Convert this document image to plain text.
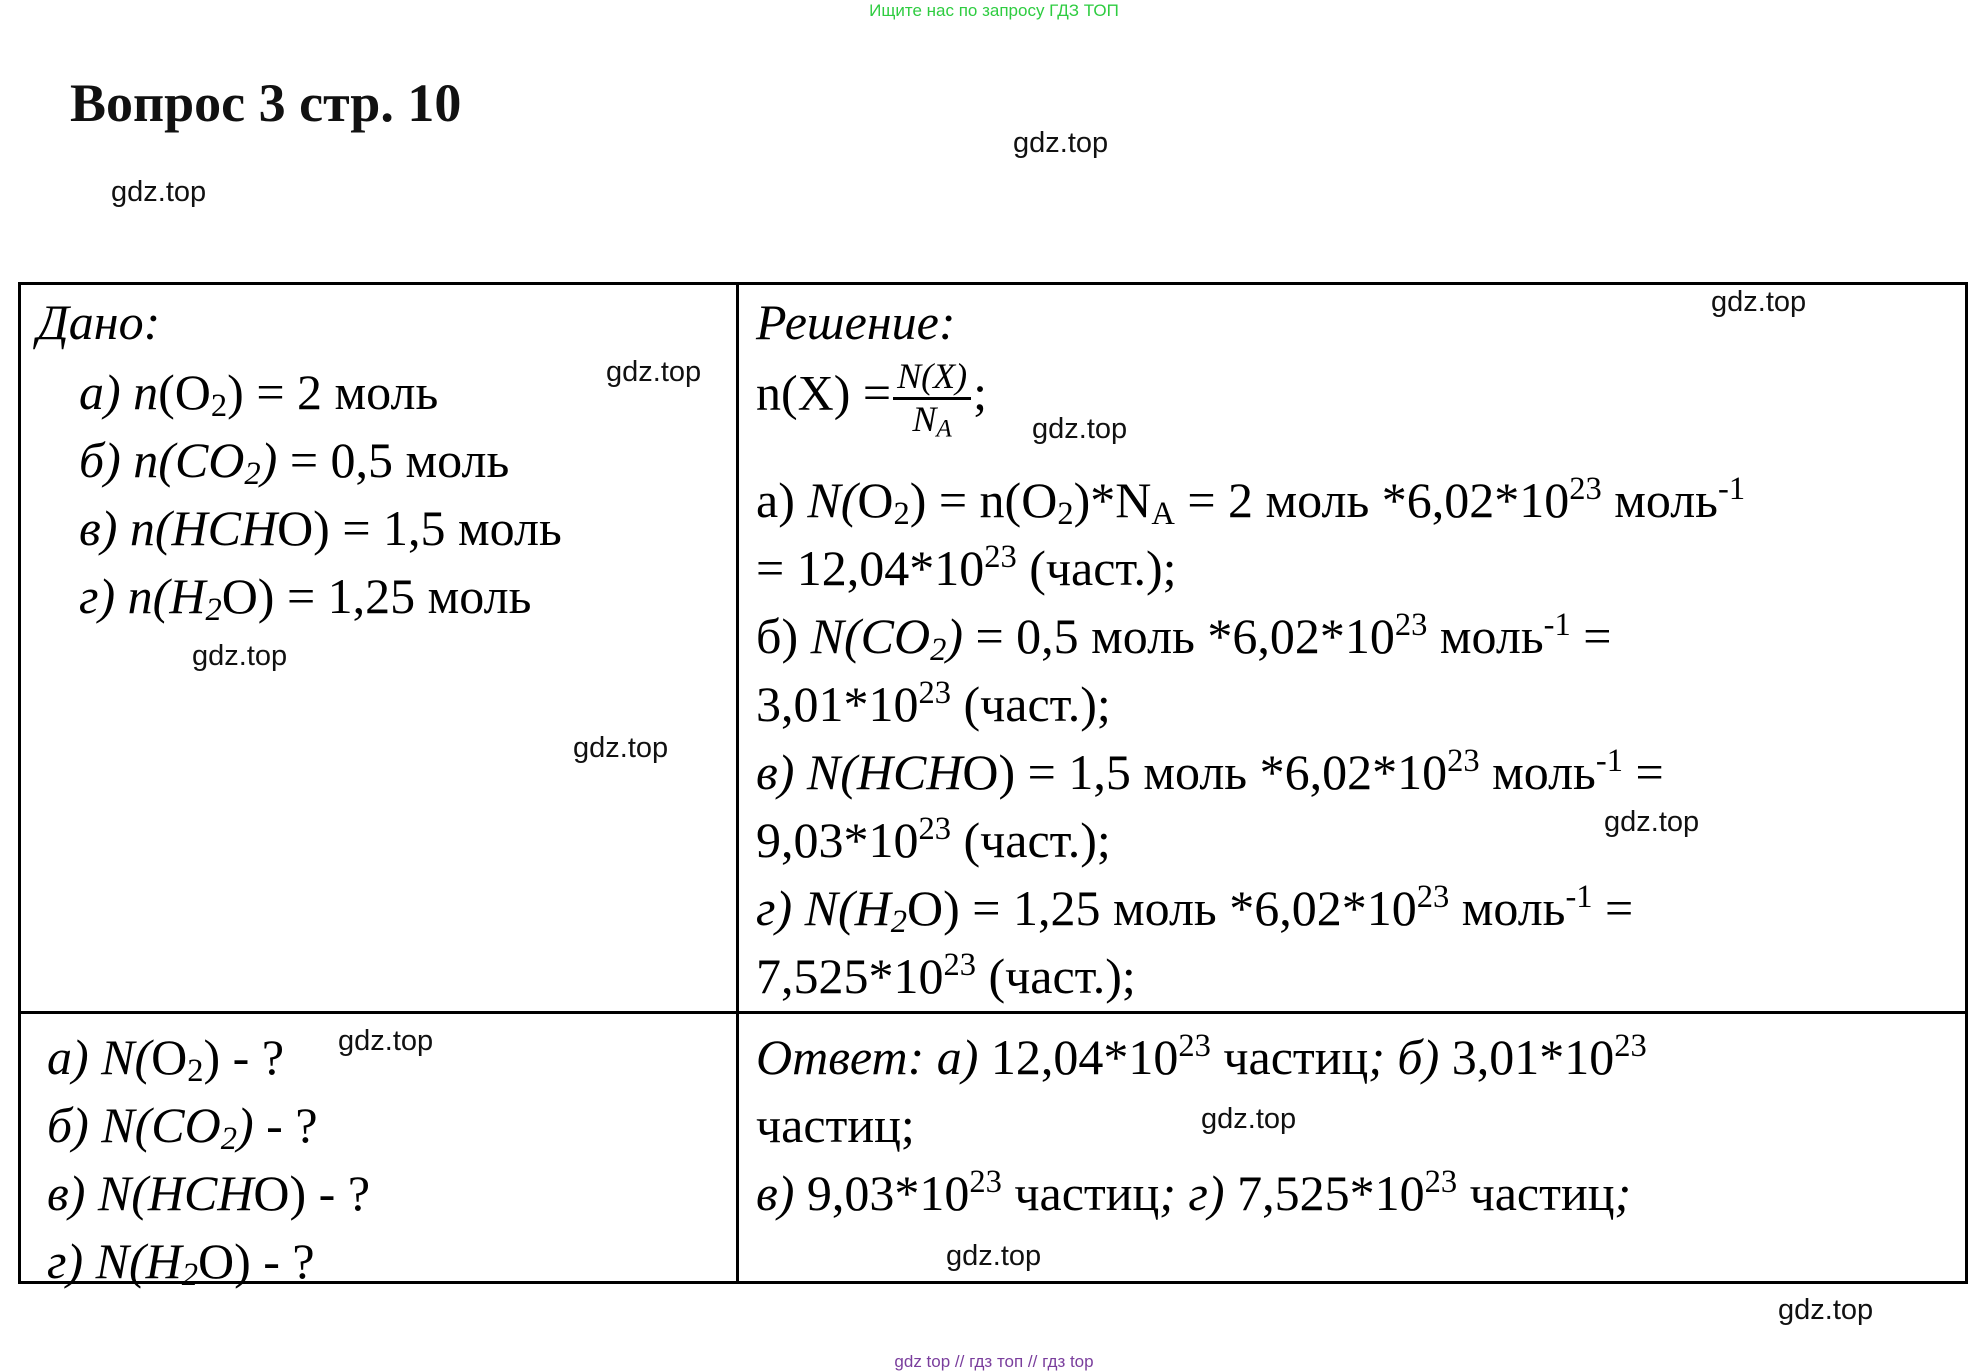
Ищите нас по запросу ГДЗ ТОП
Вопрос 3 стр. 10
gdz.top
gdz.top
gdz.top
gdz.top
gdz.top
gdz.top
gdz.top
gdz.top
gdz.top
gdz.top
gdz.top
gdz.top
Дано:
а) $n(O_2) = 2$ моль
б) $n(CO_2) = 0,5$ моль
в) n(HCHO) = 1,5 моль
г) $n(H_2O) = 1,25$ моль
Решение:
$n(X) = \frac{N(X)}{N_A}$ ;
а) $N(O_2) = n(O_2)*N_A = 2$ моль $*6,02*10^{23}$ моль$^{-1}$
= $12,04*10^{23}$ (част.);
б) $N(CO_2) = 0,5$ моль $*6,02*10^{23}$ моль$^{-1}$ =
$3,01*10^{23}$ (част.);
в) N(HCHO) = 1,5 моль $*6,02*10^{23}$ моль$^{-1}$ =
$9,03*10^{23}$ (част.);
г) $N(H_2O) = 1,25$ моль $*6,02*10^{23}$ моль$^{-1}$ =
$7,525*10^{23}$ (част.);
а) $N(O_2)$ - ?
б) $N(CO_2)$ - ?
в) N(HCHO) - ?
г) $N(H_2O)$ - ?
Ответ: а) $12,04*10^{23}$ частиц; б) $3,01*10^{23}$
частиц;
в) $9,03*10^{23}$ частиц; г) $7,525*10^{23}$ частиц;
gdz top // гдз топ // гдз top
